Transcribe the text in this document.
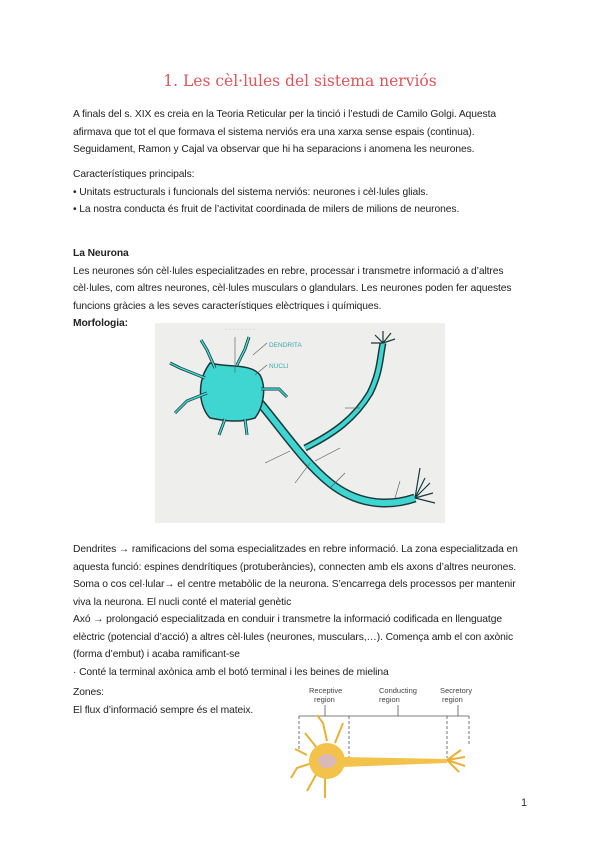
1. Les cèl·lules del sistema nerviós
A finals del s. XIX es creia en la Teoria Reticular per la tinció i l’estudi de Camilo Golgi. Aquesta
afirmava que tot el que formava el sistema nerviós era una xarxa sense espais (continua).
Seguidament, Ramon y Cajal va observar que hi ha separacions i anomena les neurones.
Característiques principals:
• Unitats estructurals i funcionals del sistema nerviós: neurones i cèl·lules glials.
• La nostra conducta és fruit de l’activitat coordinada de milers de milions de neurones.
La Neurona
Les neurones són cèl·lules especialitzades en rebre, processar i transmetre informació a d’altres
cèl·lules, com altres neurones, cèl·lules musculars o glandulars. Les neurones poden fer aquestes
funcions gràcies a les seves característiques elèctriques i químiques.
Morfologia:
· · · · · · · ·
DENDRITA
NUCLI
Dendrites → ramificacions del soma especialitzades en rebre informació. La zona especialitzada en
aquesta funció: espines dendrítiques (protuberàncies), connecten amb els axons d’altres neurones.
Soma o cos cel·lular→ el centre metabòlic de la neurona. S’encarrega dels processos per mantenir
viva la neurona. El nucli conté el material genètic
Axó → prolongació especialitzada en conduir i transmetre la informació codificada en llenguatge
elèctric (potencial d’acció) a altres cèl·lules (neurones, musculars,…). Comença amb el con axònic
(forma d’embut) i acaba ramificant-se
· Conté la terminal axònica amb el botó terminal i les beines de mielina
Zones:
El flux d’informació sempre és el mateix.
Receptive
region
Conducting
region
Secretory
region
1
